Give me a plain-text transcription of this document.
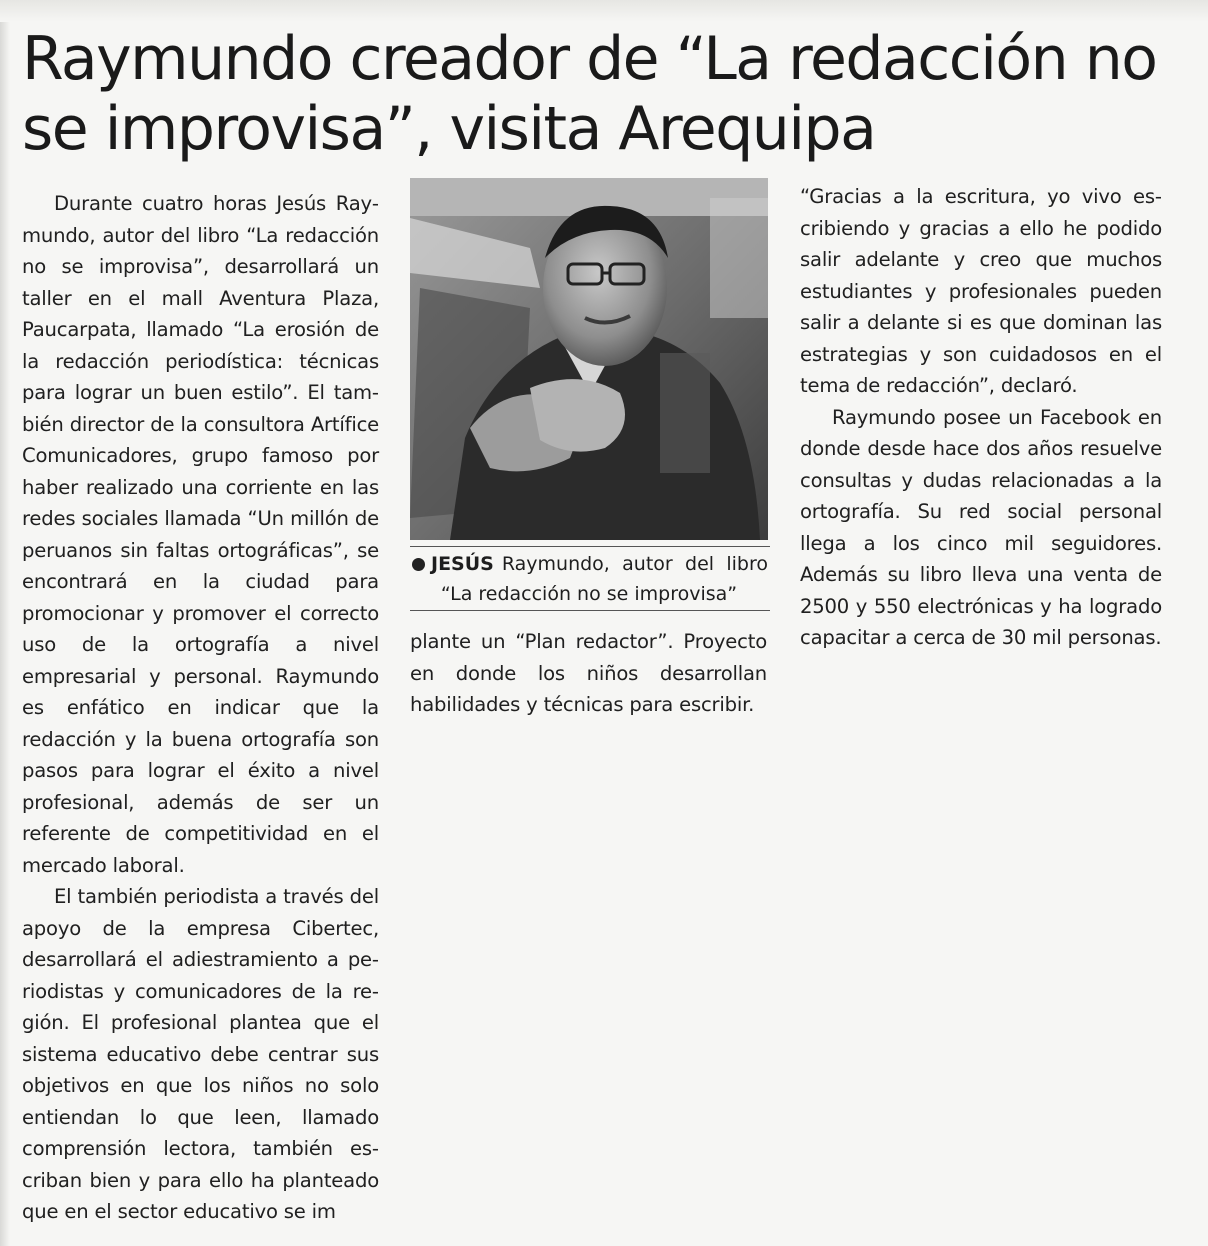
Raymundo creador de “La redacción no se improvisa”, visita Arequipa

Durante cuatro horas Jesús Raymundo, autor del libro “La redacción no se improvisa”, desarrollará un taller en el mall Aventura Plaza, Paucarpata, llamado “La erosión de la redacción periodística: técnicas para lograr un buen estilo”. El también director de la consultora Artífice Comunicadores, grupo famoso por haber realizado una corriente en las redes sociales llamada “Un millón de peruanos sin faltas ortográficas”, se encontrará en la ciudad para promocionar y promover el correcto uso de la ortografía a nivel empresarial y personal. Raymundo es enfático en indicar que la redacción y la buena ortografía son pasos para lograr el éxito a nivel profesional, además de ser un referente de competitividad en el mercado laboral.

El también periodista a través del apoyo de la empresa Cibertec, desarrollará el adiestramiento a periodistas y comunicadores de la región. El profesional plantea que el sistema educativo debe centrar sus objetivos en que los niños no solo entiendan lo que leen, llamado comprensión lectora, también escriban bien y para ello ha planteado que en el sector educativo se im

JESÚS Raymundo, autor del libro
“La redacción no se improvisa”

plante un “Plan redactor”. Proyecto en donde los niños desarrollan habilidades y técnicas para escribir.

“Gracias a la escritura, yo vivo escribiendo y gracias a ello he podido salir adelante y creo que muchos estudiantes y profesionales pueden salir a delante si es que dominan las estrategias y son cuidadosos en el tema de redacción”, declaró.

Raymundo posee un Facebook en donde desde hace dos años resuelve consultas y dudas relacionadas a la ortografía. Su red social personal llega a los cinco mil seguidores. Además su libro lleva una venta de 2500 y 550 electrónicas y ha logrado capacitar a cerca de 30 mil personas.
